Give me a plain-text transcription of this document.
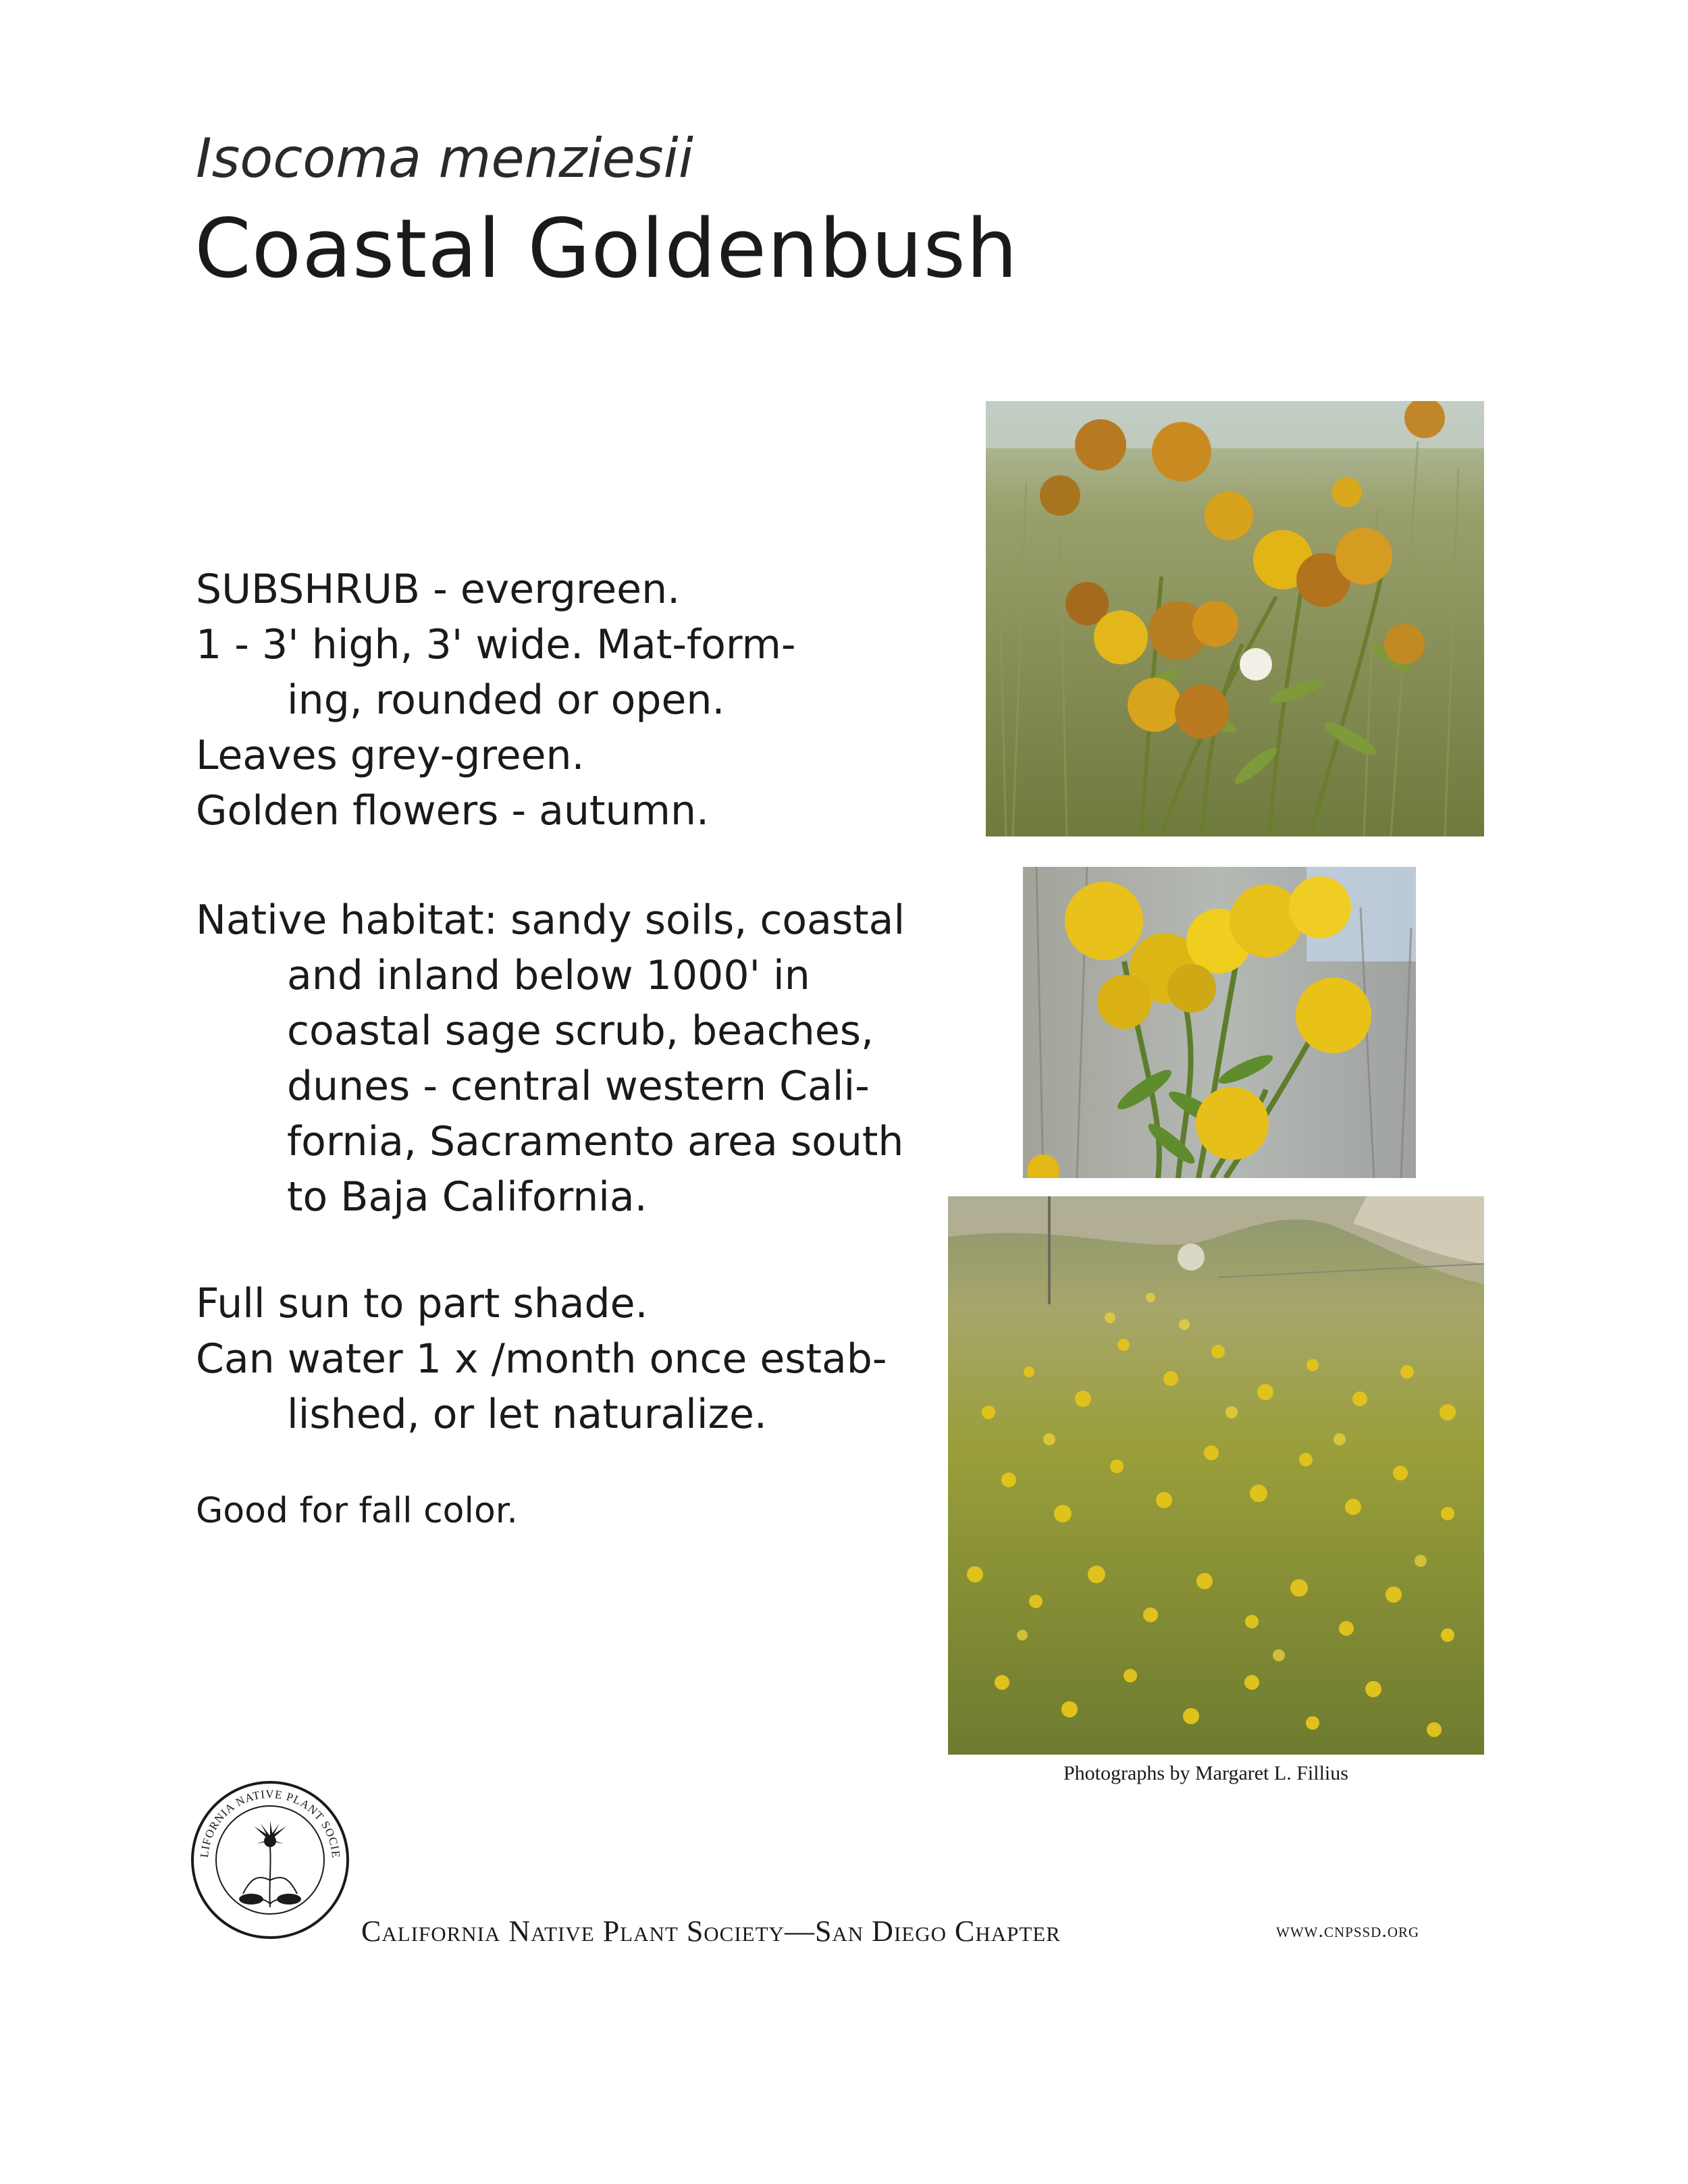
Isocoma menziesii
Coastal Goldenbush
SUBSHRUB - evergreen.
1 - 3' high, 3' wide. Mat-form-
ing, rounded or open.
Leaves grey-green.
Golden flowers - autumn.
Native habitat: sandy soils, coastal
and inland below 1000' in
coastal sage scrub, beaches,
dunes - central western Cali-
fornia, Sacramento area south
to Baja California.
Full sun to part shade.
Can water 1 x /month once estab-
lished, or let naturalize.
Good for fall color.
Photographs by Margaret L. Fillius
LIFORNIA NATIVE PLANT SOCIE
California Native Plant Society—San Diego Chapter	www.cnpssd.org
